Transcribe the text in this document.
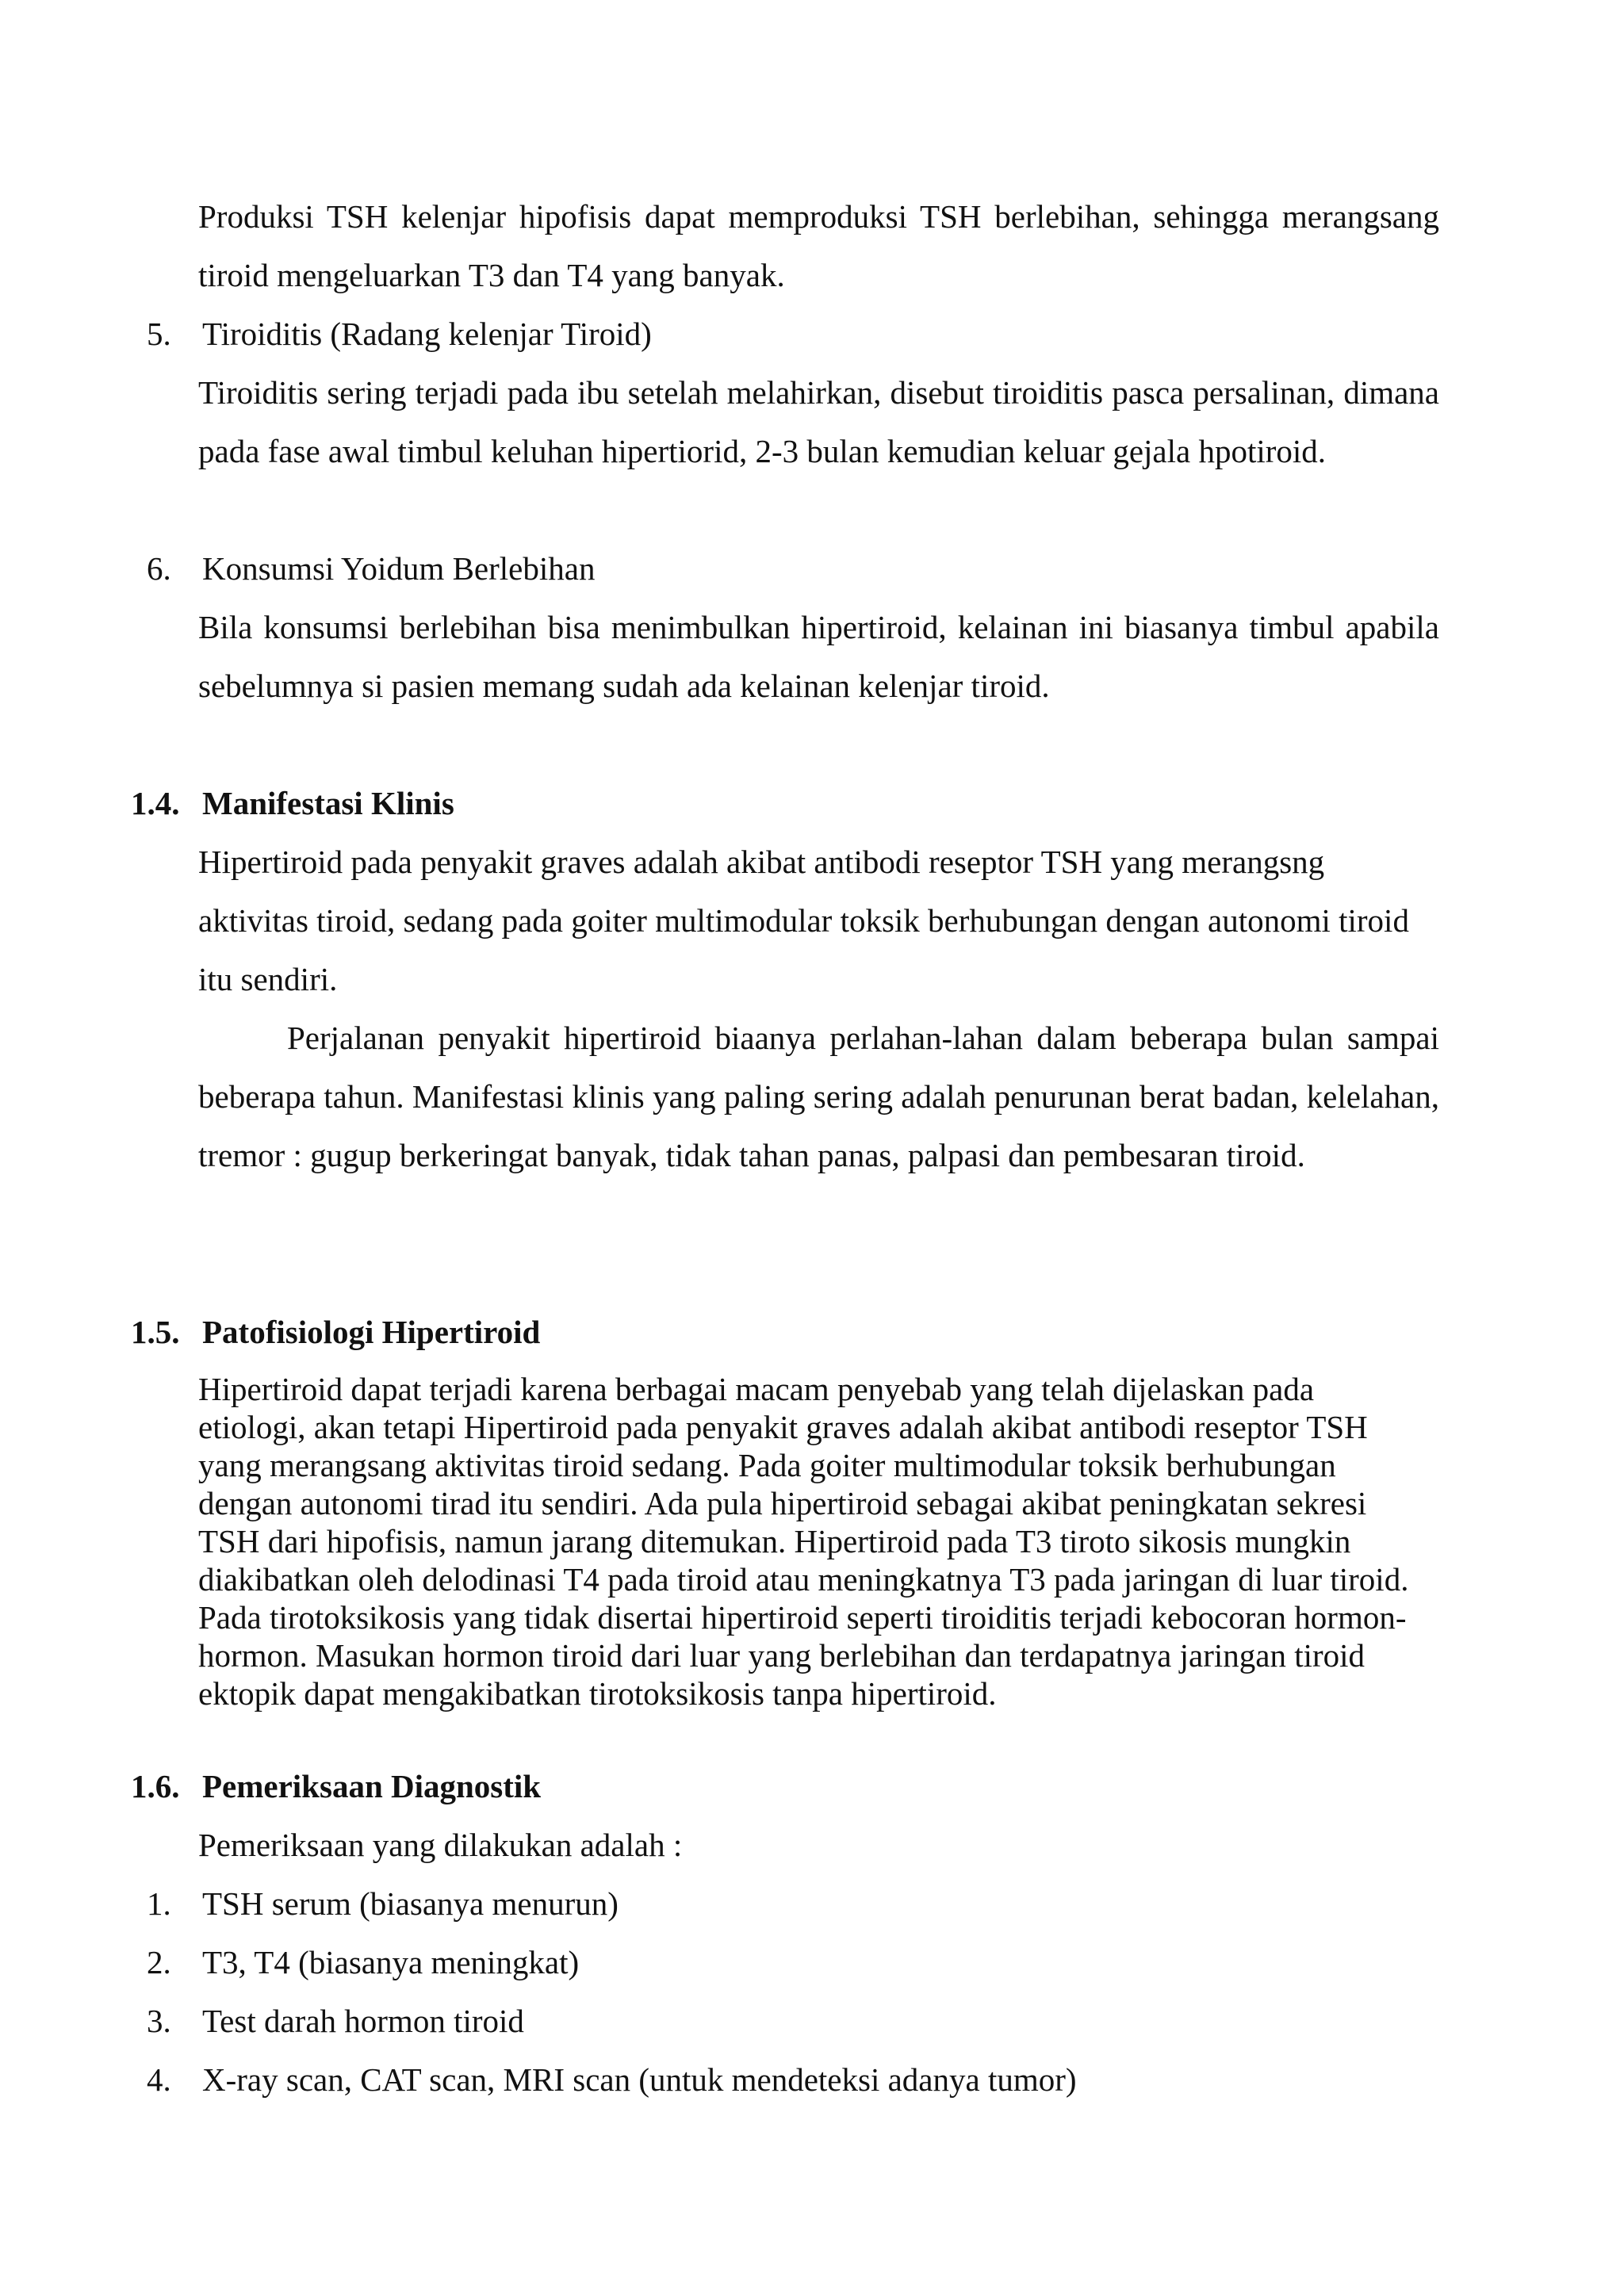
Produksi TSH kelenjar hipofisis dapat memproduksi TSH berlebihan, sehingga merangsang tiroid mengeluarkan T3 dan T4 yang banyak.
5. Tiroiditis (Radang kelenjar Tiroid)
Tiroiditis sering terjadi pada ibu setelah melahirkan, disebut tiroiditis pasca persalinan, dimana pada fase awal timbul keluhan hipertiorid, 2-3 bulan kemudian keluar gejala hpotiroid.
6. Konsumsi Yoidum Berlebihan
Bila konsumsi berlebihan bisa menimbulkan hipertiroid, kelainan ini biasanya timbul apabila sebelumnya si pasien memang sudah ada kelainan kelenjar tiroid.
1.4. Manifestasi Klinis
Hipertiroid pada penyakit graves adalah akibat antibodi reseptor TSH yang merangsng
aktivitas tiroid, sedang pada goiter multimodular toksik berhubungan dengan autonomi tiroid
itu sendiri.
Perjalanan penyakit hipertiroid biaanya perlahan-lahan dalam beberapa bulan sampai beberapa tahun. Manifestasi klinis yang paling sering adalah penurunan berat badan, kelelahan, tremor : gugup berkeringat banyak, tidak tahan panas, palpasi dan pembesaran tiroid.
1.5. Patofisiologi Hipertiroid
Hipertiroid dapat terjadi karena berbagai macam penyebab yang telah dijelaskan pada
etiologi, akan tetapi Hipertiroid pada penyakit graves adalah akibat antibodi reseptor TSH
yang merangsang aktivitas tiroid sedang. Pada goiter multimodular toksik berhubungan
dengan autonomi tirad itu sendiri. Ada pula hipertiroid sebagai akibat peningkatan sekresi
TSH dari hipofisis, namun jarang ditemukan. Hipertiroid pada T3 tiroto sikosis mungkin
diakibatkan oleh delodinasi T4 pada tiroid atau meningkatnya T3 pada jaringan di luar tiroid.
Pada tirotoksikosis yang tidak disertai hipertiroid seperti tiroiditis terjadi kebocoran hormon-
hormon. Masukan hormon tiroid dari luar yang berlebihan dan terdapatnya jaringan tiroid
ektopik dapat mengakibatkan tirotoksikosis tanpa hipertiroid.
1.6. Pemeriksaan Diagnostik
Pemeriksaan yang dilakukan adalah :
1. TSH serum (biasanya menurun)
2. T3, T4 (biasanya meningkat)
3. Test darah hormon tiroid
4. X-ray scan, CAT scan, MRI scan (untuk mendeteksi adanya tumor)
